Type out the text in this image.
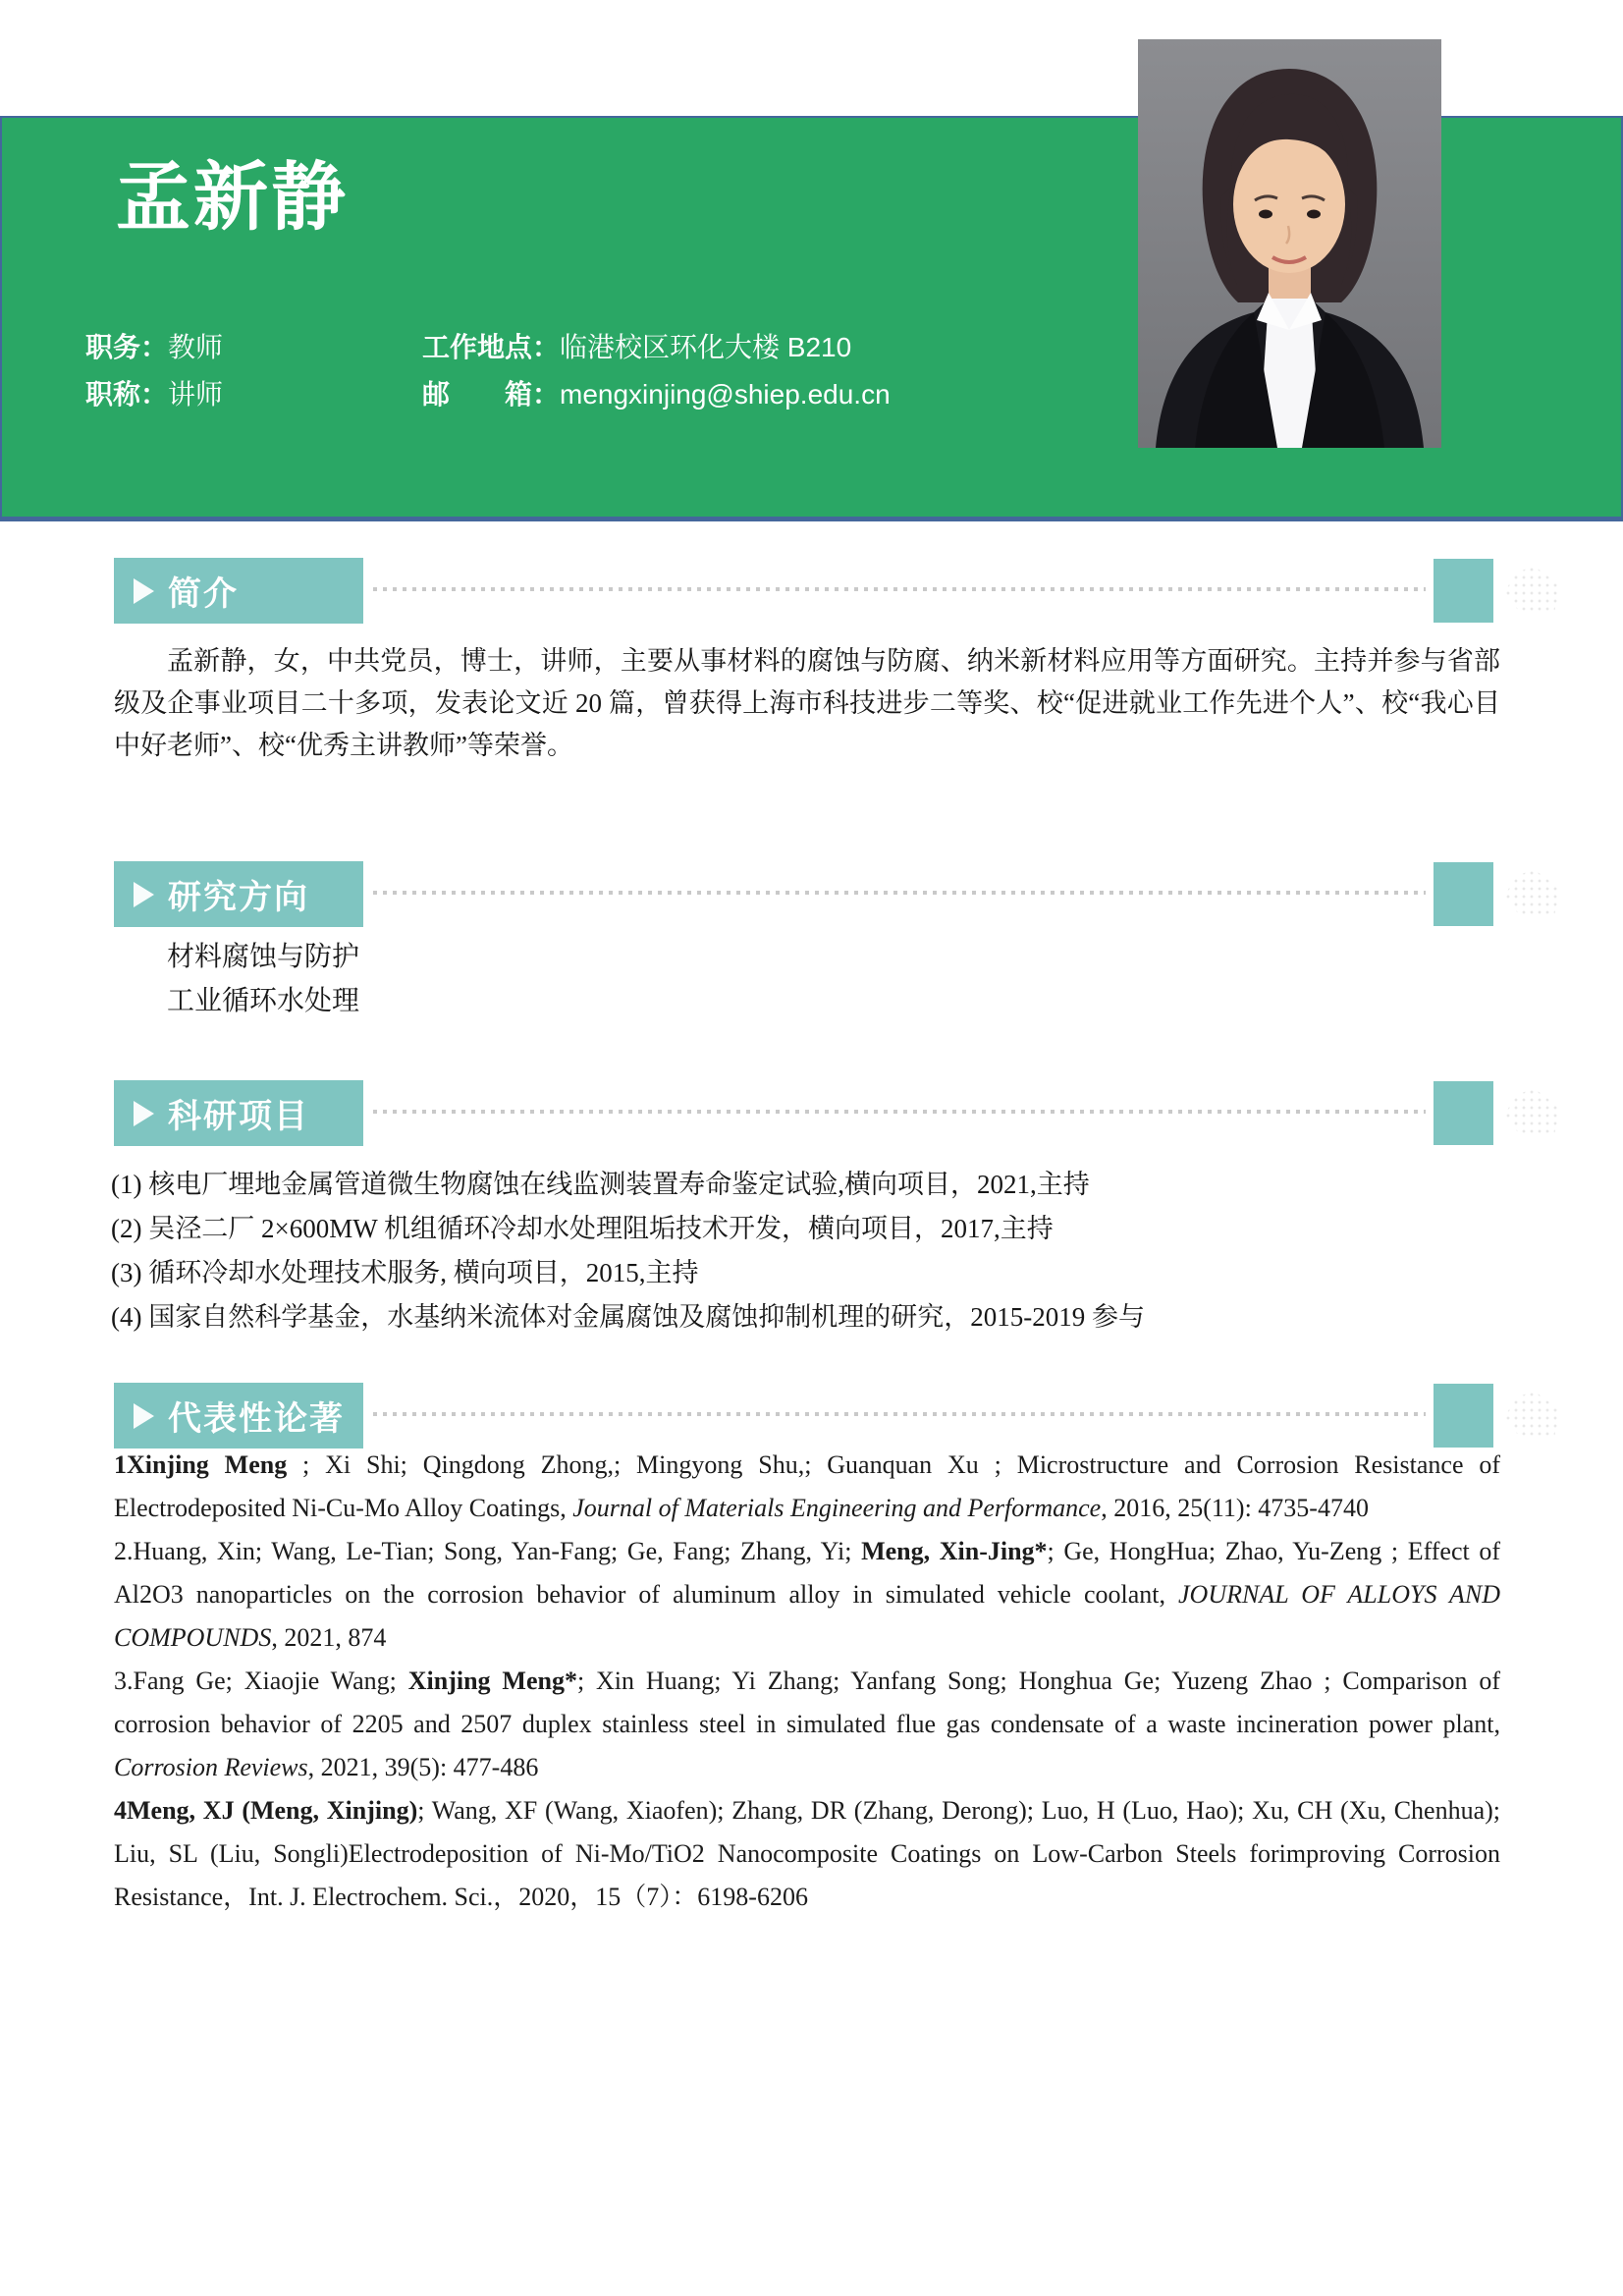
孟新静
职务：教师
职称：讲师
工作地点：临港校区环化大楼 B210
邮　　箱：mengxinjing@shiep.edu.cn
简介
孟新静，女，中共党员，博士，讲师，主要从事材料的腐蚀与防腐、纳米新材料应用等方面研究。主持并参与省部级及企事业项目二十多项，发表论文近 20 篇，曾获得上海市科技进步二等奖、校“促进就业工作先进个人”、校“我心目中好老师”、校“优秀主讲教师”等荣誉。
研究方向
材料腐蚀与防护
工业循环水处理
科研项目
(1) 核电厂埋地金属管道微生物腐蚀在线监测装置寿命鉴定试验,横向项目，2021,主持
(2) 吴泾二厂 2×600MW 机组循环冷却水处理阻垢技术开发，横向项目，2017,主持
(3) 循环冷却水处理技术服务, 横向项目，2015,主持
(4) 国家自然科学基金，水基纳米流体对金属腐蚀及腐蚀抑制机理的研究，2015-2019 参与
代表性论著

1Xinjing Meng ; Xi Shi; Qingdong Zhong,; Mingyong Shu,; Guanquan Xu ; Microstructure and Corrosion Resistance of Electrodeposited Ni-Cu-Mo Alloy Coatings, Journal of Materials Engineering and Performance, 2016, 25(11): 4735-4740

2.Huang, Xin; Wang, Le-Tian; Song, Yan-Fang; Ge, Fang; Zhang, Yi; Meng, Xin-Jing*; Ge, HongHua; Zhao, Yu-Zeng ; Effect of Al2O3 nanoparticles on the corrosion behavior of aluminum alloy in simulated vehicle coolant, JOURNAL OF ALLOYS AND COMPOUNDS, 2021, 874

3.Fang Ge; Xiaojie Wang; Xinjing Meng*; Xin Huang; Yi Zhang; Yanfang Song; Honghua Ge; Yuzeng Zhao ; Comparison of corrosion behavior of 2205 and 2507 duplex stainless steel in simulated flue gas condensate of a waste incineration power plant, Corrosion Reviews, 2021, 39(5): 477-486

4Meng, XJ (Meng, Xinjing); Wang, XF (Wang, Xiaofen); Zhang, DR (Zhang, Derong); Luo, H (Luo, Hao); Xu, CH (Xu, Chenhua); Liu, SL (Liu, Songli)Electrodeposition of Ni-Mo/TiO2 Nanocomposite Coatings on Low-Carbon Steels forimproving Corrosion Resistance，Int. J. Electrochem. Sci.，2020，15（7）：6198-6206
